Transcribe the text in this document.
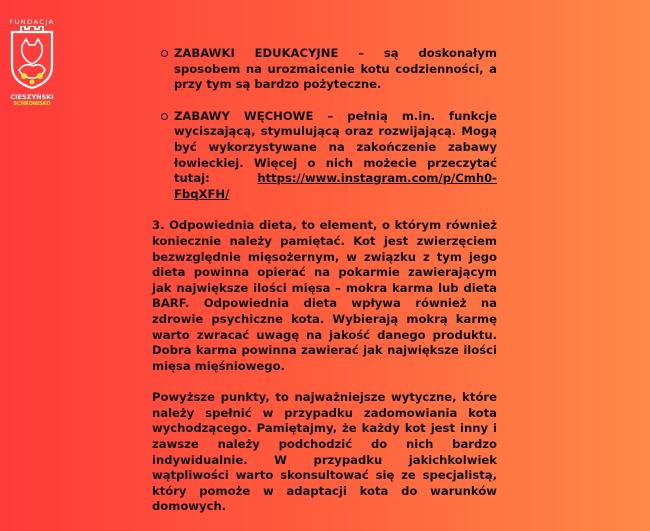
FUNDACJA
CIESZYŃSKI
SCHRONISKO
ZABAWKI EDUKACYJNE – są doskonałym sposobem na urozmaicenie kotu codzienności, a przy tym są bardzo pożyteczne.
ZABAWY WĘCHOWE – pełnią m.in. funkcje wyciszającą, stymulującą oraz rozwijającą. Mogą być wykorzystywane na zakończenie zabawy łowieckiej. Więcej o nich możecie przeczytać tutaj: https://www.instagram.com/p/Cmh0-FbqXFH/

3. Odpowiednia dieta, to element, o którym również koniecznie należy pamiętać. Kot jest zwierzęciem bezwzględnie mięsożernym, w związku z tym jego dieta powinna opierać na pokarmie zawierającym jak największe ilości mięsa – mokra karma lub dieta BARF. Odpowiednia dieta wpływa również na zdrowie psychiczne kota. Wybierają mokrą karmę warto zwracać uwagę na jakość danego produktu. Dobra karma powinna zawierać jak największe ilości mięsa mięśniowego.

Powyższe punkty, to najważniejsze wytyczne, które należy spełnić w przypadku zadomowiania kota wychodzącego. Pamiętajmy, że każdy kot jest inny i zawsze należy podchodzić do nich bardzo indywidualnie. W przypadku jakichkolwiek wątpliwości warto skonsultować się ze specjalistą, który pomoże w adaptacji kota do warunków domowych.
